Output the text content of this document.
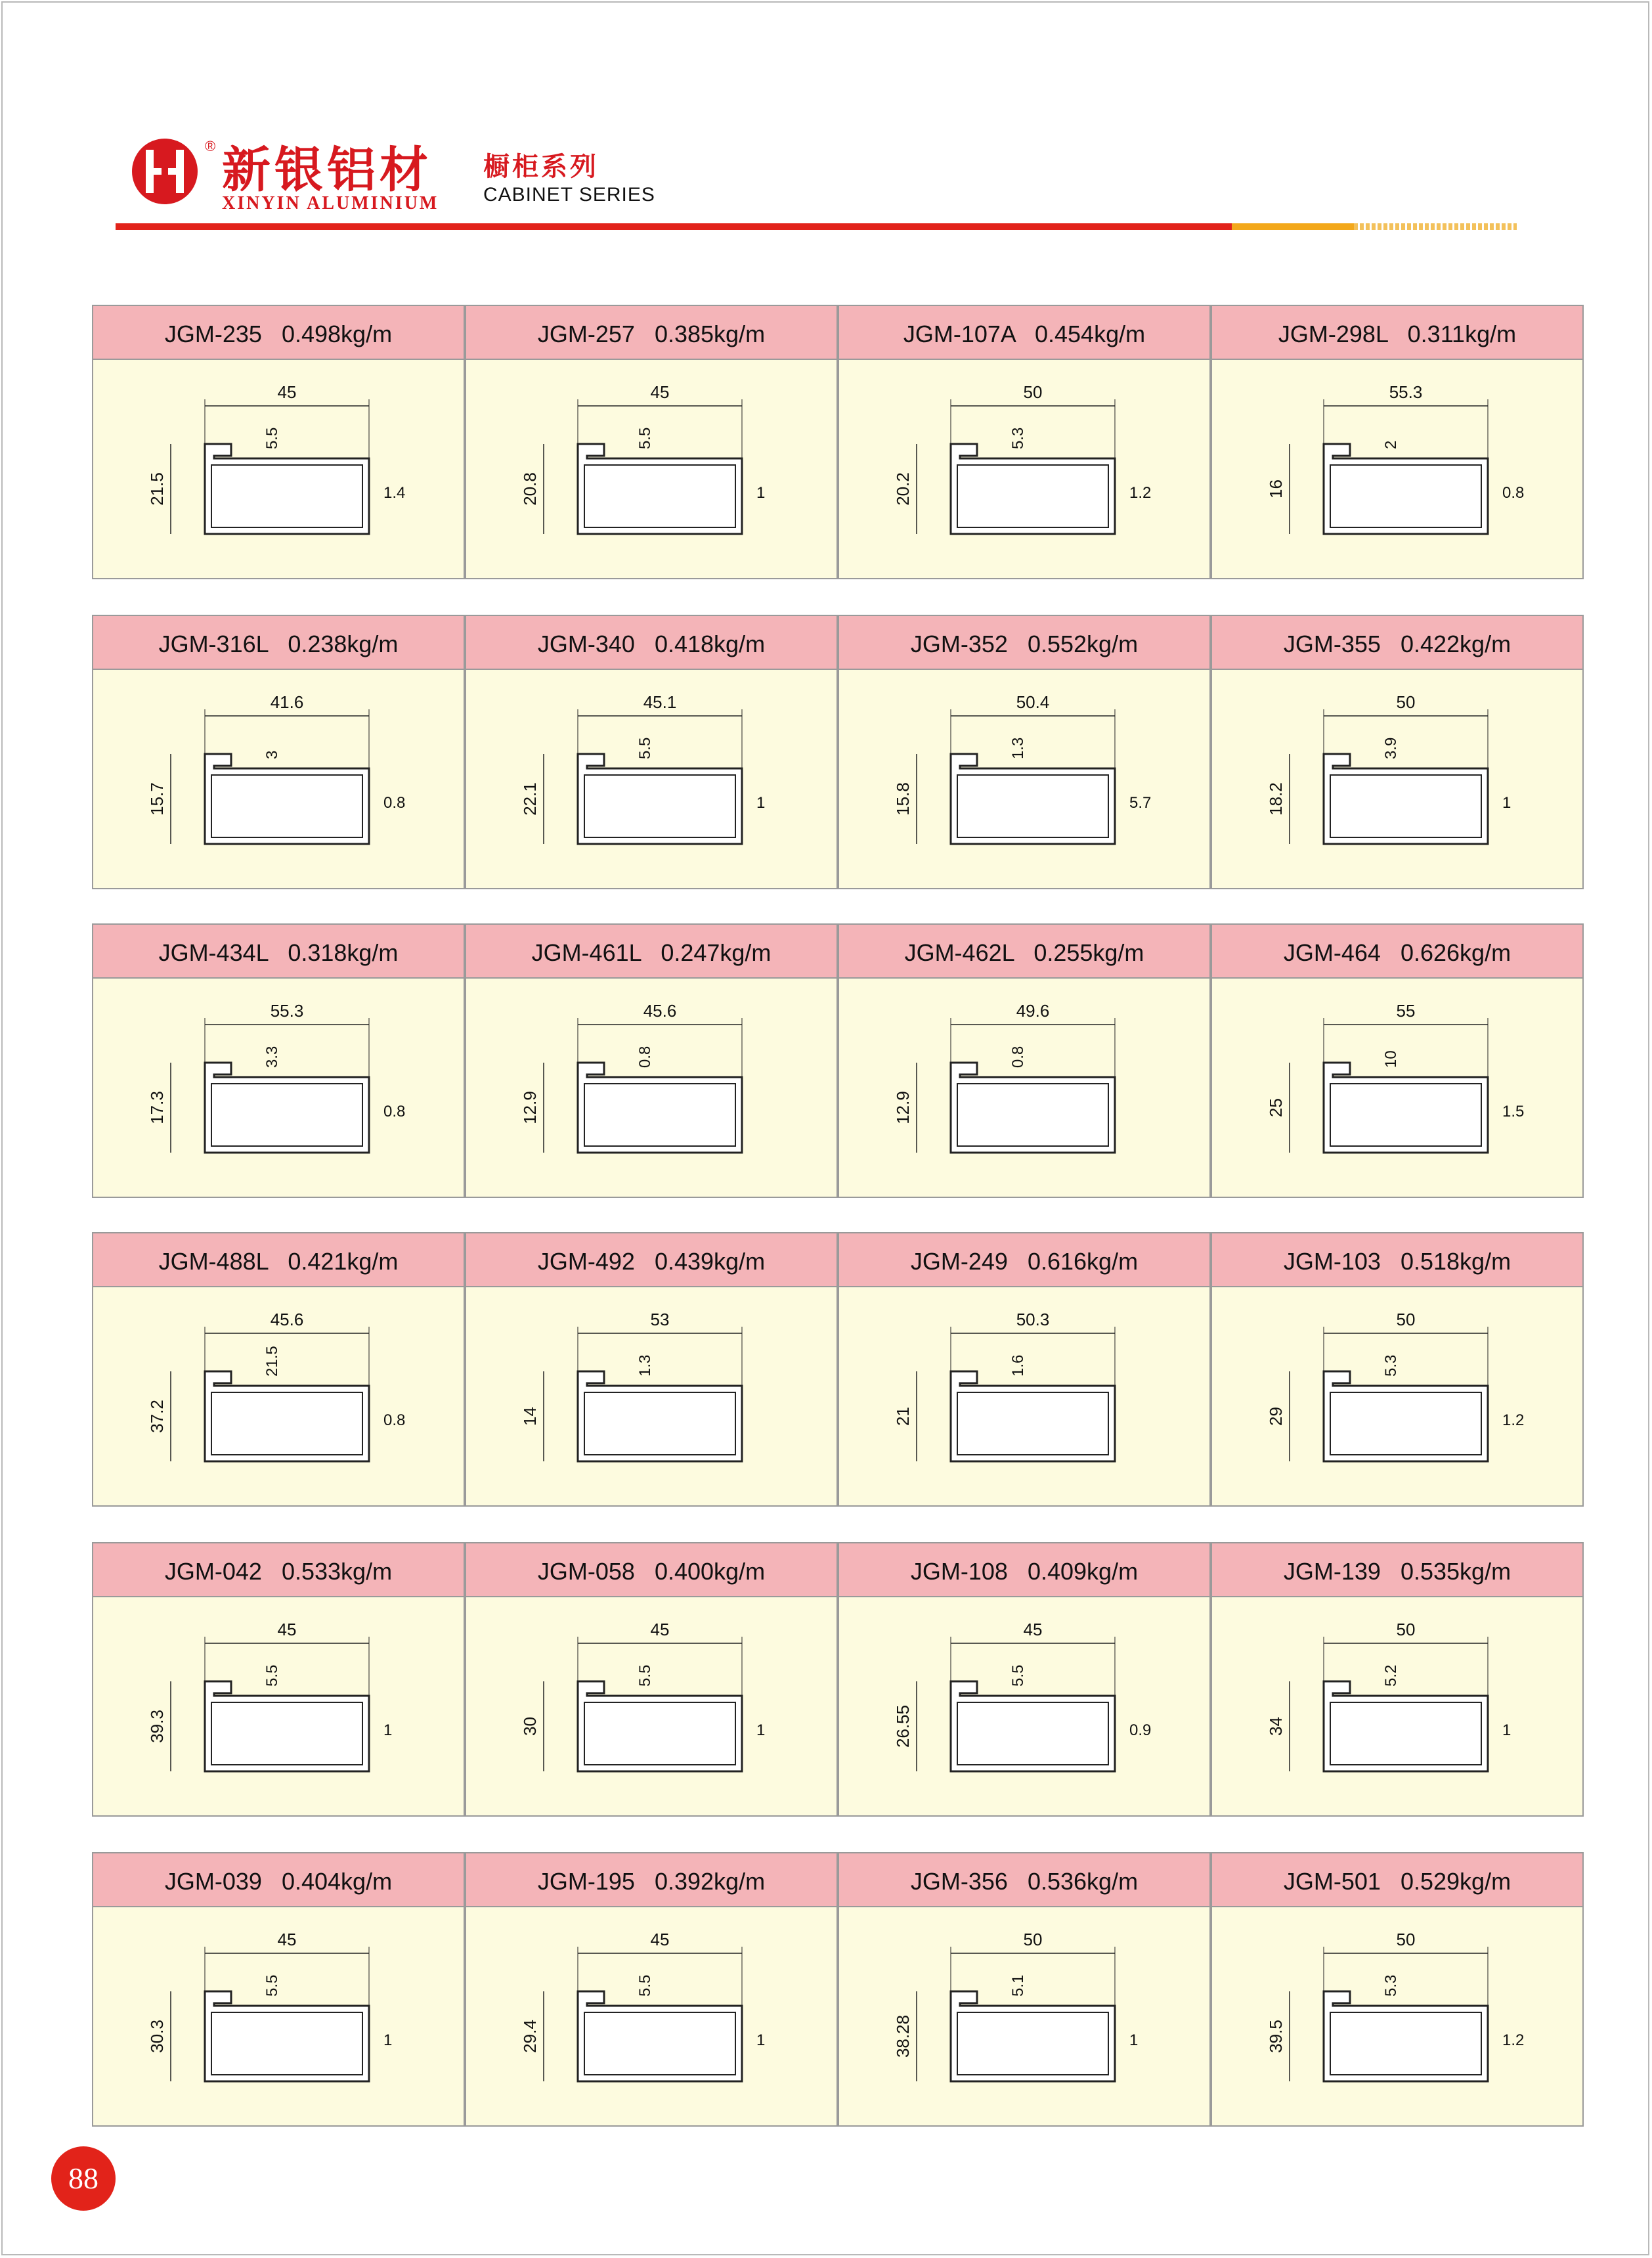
® 新银铝材
XINYIN ALUMINIUM
橱柜系列
CABINET SERIES
JGM-235 0.498kg/m
45
21.5
5.5
1.4
JGM-257 0.385kg/m
45
20.8
5.5
1
JGM-107A 0.454kg/m
50
20.2
5.3
1.2
JGM-298L 0.311kg/m
55.3
16
2
0.8
JGM-316L 0.238kg/m
41.6
15.7
3
0.8
JGM-340 0.418kg/m
45.1
22.1
5.5
1
JGM-352 0.552kg/m
50.4
15.8
1.3
5.7
JGM-355 0.422kg/m
50
18.2
3.9
1
JGM-434L 0.318kg/m
55.3
17.3
3.3
0.8
JGM-461L 0.247kg/m
45.6
12.9
0.8
JGM-462L 0.255kg/m
49.6
12.9
0.8
JGM-464 0.626kg/m
55
25
10
1.5
JGM-488L 0.421kg/m
45.6
37.2
21.5
0.8
JGM-492 0.439kg/m
53
14
1.3
JGM-249 0.616kg/m
50.3
21
1.6
JGM-103 0.518kg/m
50
29
5.3
1.2
JGM-042 0.533kg/m
45
39.3
5.5
1
JGM-058 0.400kg/m
45
30
5.5
1
JGM-108 0.409kg/m
45
26.55
5.5
0.9
JGM-139 0.535kg/m
50
34
5.2
1
JGM-039 0.404kg/m
45
30.3
5.5
1
JGM-195 0.392kg/m
45
29.4
5.5
1
JGM-356 0.536kg/m
50
38.28
5.1
1
JGM-501 0.529kg/m
50
39.5
5.3
1.2
88
